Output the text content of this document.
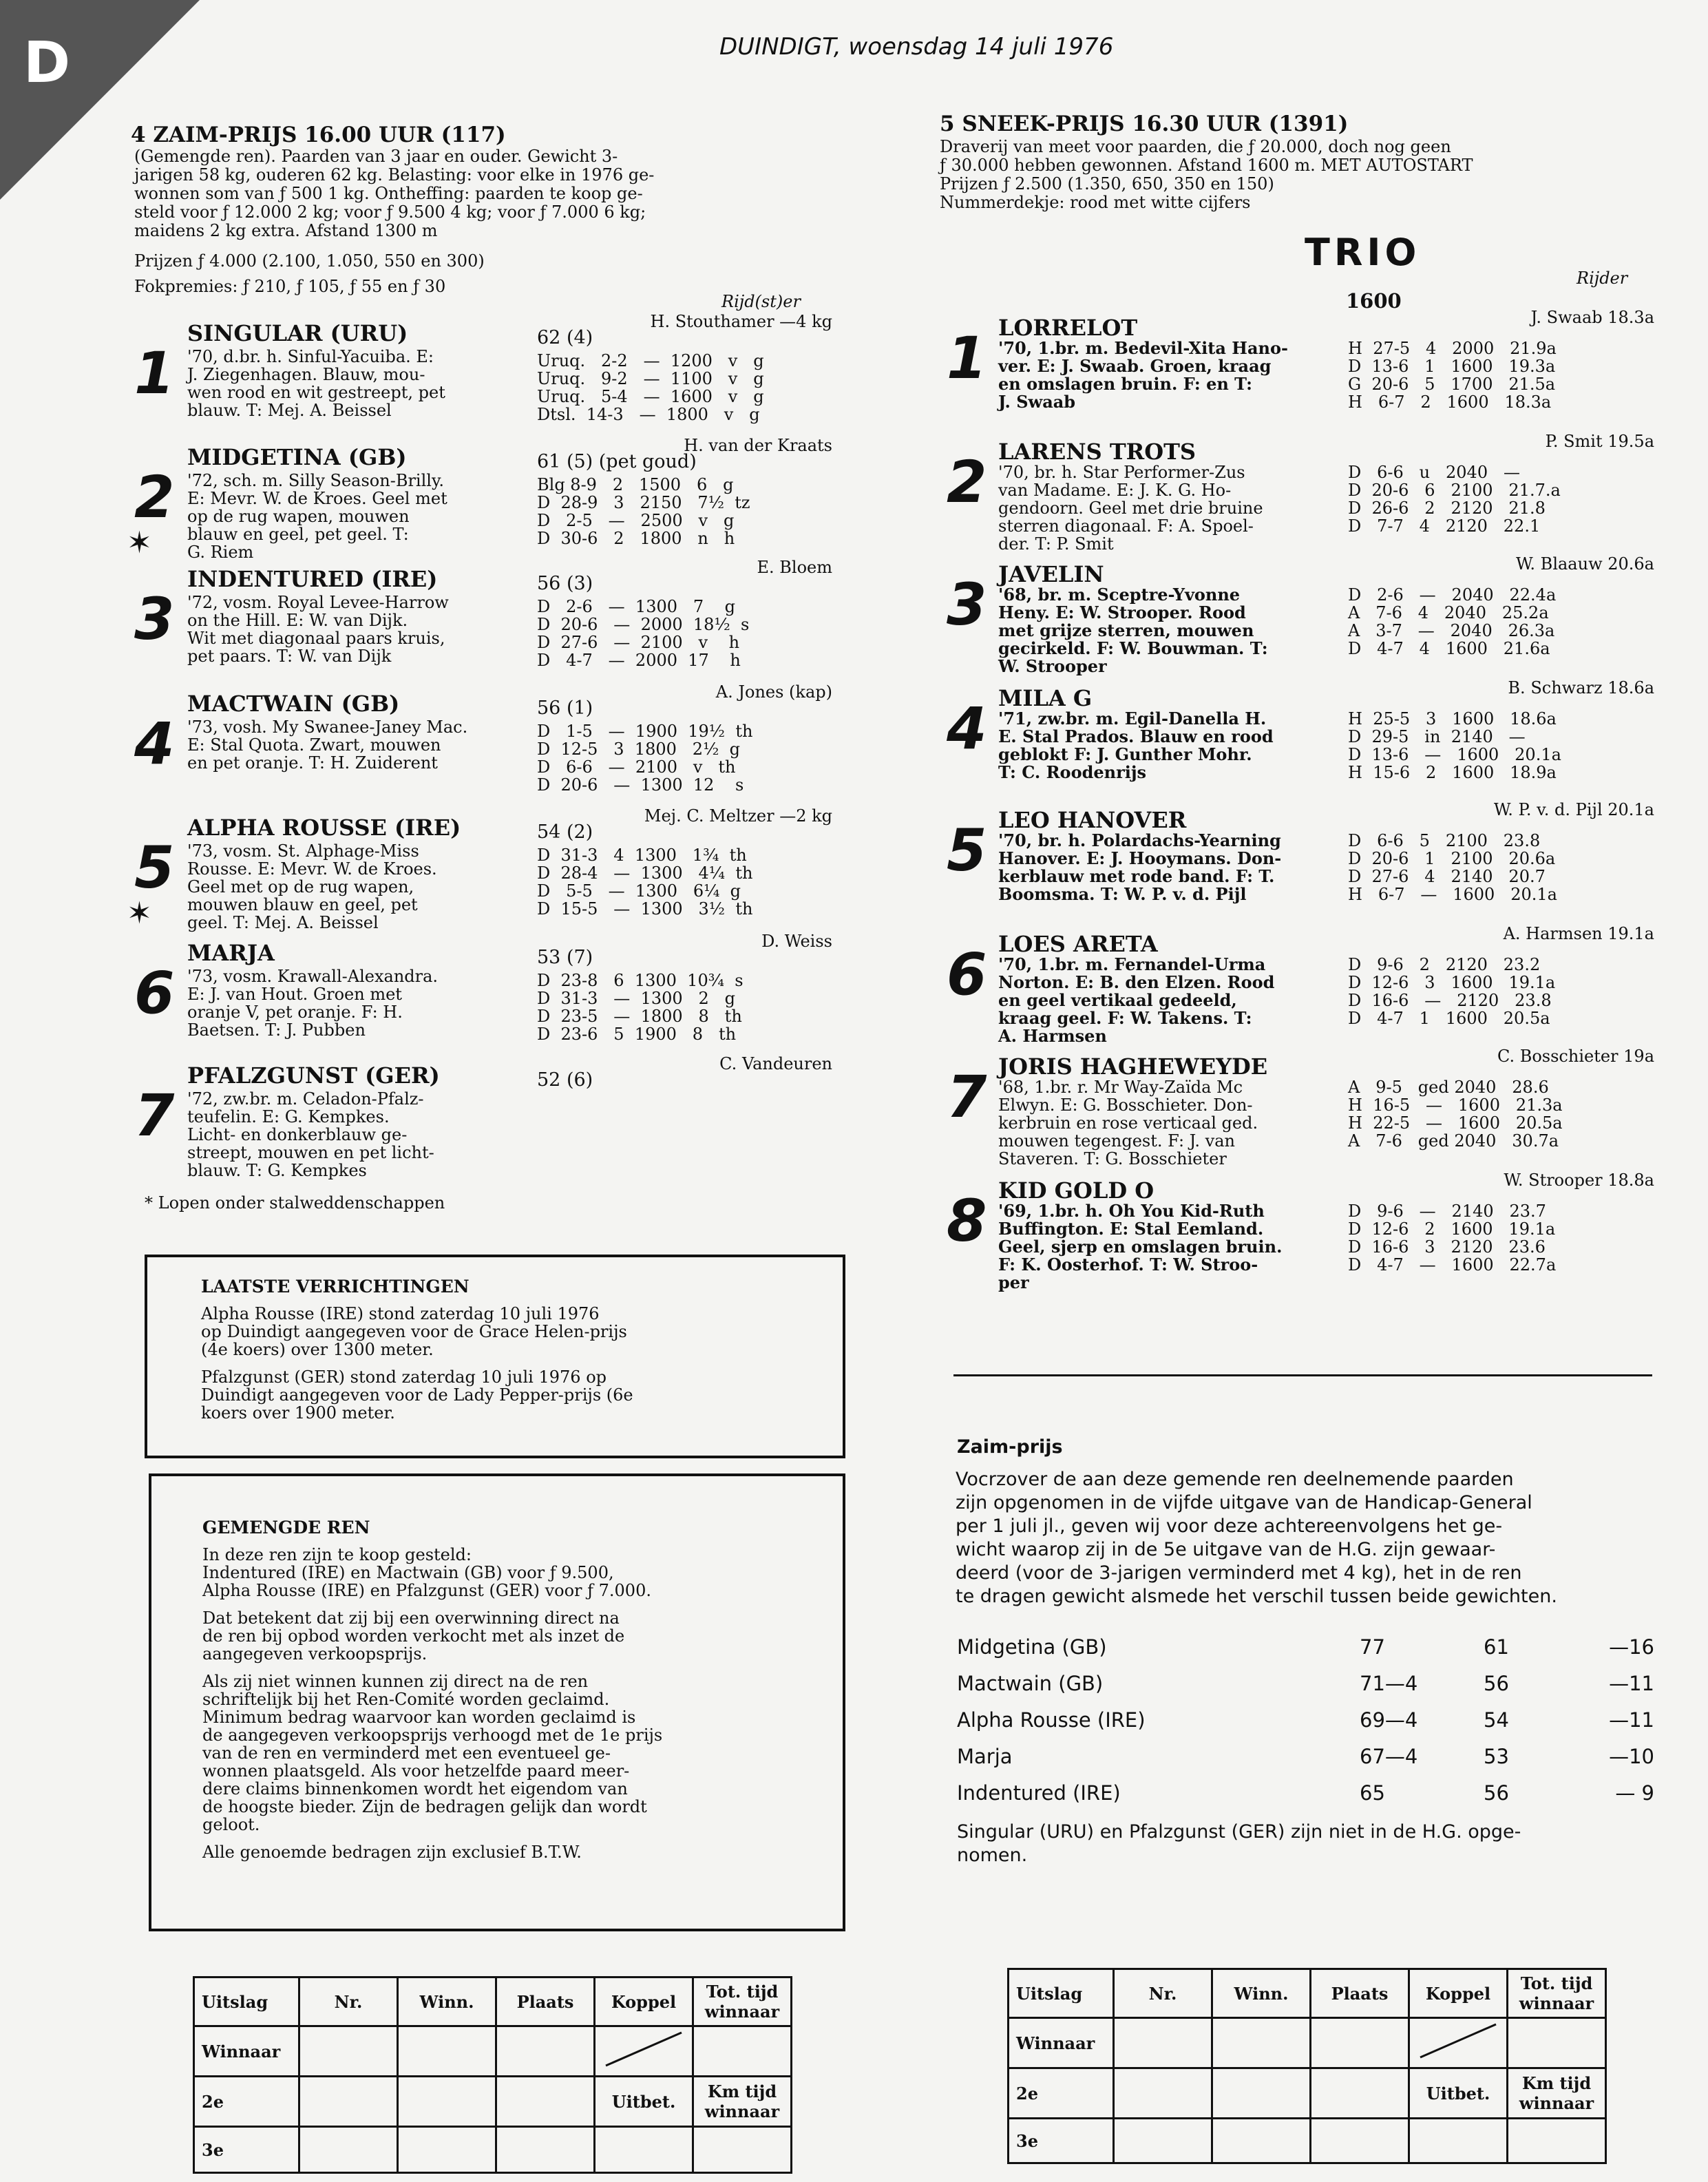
D	DUINDIGT, woensdag 14 juli 1976
4 ZAIM-PRIJS 16.00 UUR (117)
(Gemengde ren). Paarden van 3 jaar en ouder. Gewicht 3-
jarigen 58 kg, ouderen 62 kg. Belasting: voor elke in 1976 ge-
wonnen som van ƒ 500 1 kg. Ontheffing: paarden te koop ge-
steld voor ƒ 12.000 2 kg; voor ƒ 9.500 4 kg; voor ƒ 7.000 6 kg;
maidens 2 kg extra. Afstand 1300 m
Prijzen ƒ 4.000 (2.100, 1.050, 550 en 300)
Fokpremies: ƒ 210, ƒ 105, ƒ 55 en ƒ 30
Rijd(st)er
1
SINGULAR (URU)
'70, d.br. h. Sinful-Yacuiba. E:
J. Ziegenhagen. Blauw, mou-
wen rood en wit gestreept, pet
blauw. T: Mej. A. Beissel
H. Stouthamer —4 kg
62 (4)
Uruq.   2-2   —  1200   v   g
Uruq.   9-2   —  1100   v   g
Uruq.   5-4   —  1600   v   g
Dtsl.  14-3   —  1800   v   g
2
✶
MIDGETINA (GB)
'72, sch. m. Silly Season-Brilly.
E: Mevr. W. de Kroes. Geel met
op de rug wapen, mouwen
blauw en geel, pet geel. T:
G. Riem
H. van der Kraats
61 (5) (pet goud)
Blg 8-9   2   1500   6   g
D  28-9   3   2150   7½  tz
D   2-5   —   2500   v   g
D  30-6   2   1800   n   h
3
INDENTURED (IRE)
'72, vosm. Royal Levee-Harrow
on the Hill. E: W. van Dijk.
Wit met diagonaal paars kruis,
pet paars. T: W. van Dijk
E. Bloem
56 (3)
D   2-6   —  1300   7    g
D  20-6   —  2000  18½  s
D  27-6   —  2100   v    h
D   4-7   —  2000  17    h
4
MACTWAIN (GB)
'73, vosh. My Swanee-Janey Mac.
E: Stal Quota. Zwart, mouwen
en pet oranje. T: H. Zuiderent
A. Jones (kap)
56 (1)
D   1-5   —  1900  19½  th
D  12-5   3  1800   2½  g
D   6-6   —  2100   v   th
D  20-6   —  1300  12    s
5
✶
ALPHA ROUSSE (IRE)
'73, vosm. St. Alphage-Miss
Rousse. E: Mevr. W. de Kroes.
Geel met op de rug wapen,
mouwen blauw en geel, pet
geel. T: Mej. A. Beissel
Mej. C. Meltzer —2 kg
54 (2)
D  31-3   4  1300   1¾  th
D  28-4   —  1300   4¼  th
D   5-5   —  1300   6¼  g
D  15-5   —  1300   3½  th
6
MARJA
'73, vosm. Krawall-Alexandra.
E: J. van Hout. Groen met
oranje V, pet oranje. F: H.
Baetsen. T: J. Pubben
D. Weiss
53 (7)
D  23-8   6  1300  10¾  s
D  31-3   —  1300   2   g
D  23-5   —  1800   8   th
D  23-6   5  1900   8   th
7
PFALZGUNST (GER)
'72, zw.br. m. Celadon-Pfalz-
teufelin. E: G. Kempkes.
Licht- en donkerblauw ge-
streept, mouwen en pet licht-
blauw. T: G. Kempkes
C. Vandeuren
52 (6)
* Lopen onder stalweddenschappen
LAATSTE VERRICHTINGEN

Alpha Rousse (IRE) stond zaterdag 10 juli 1976
op Duindigt aangegeven voor de Grace Helen-prijs
(4e koers) over 1300 meter.

Pfalzgunst (GER) stond zaterdag 10 juli 1976 op
Duindigt aangegeven voor de Lady Pepper-prijs (6e
koers over 1900 meter.

GEMENGDE REN

In deze ren zijn te koop gesteld:
Indentured (IRE) en Mactwain (GB) voor ƒ 9.500,
Alpha Rousse (IRE) en Pfalzgunst (GER) voor ƒ 7.000.

Dat betekent dat zij bij een overwinning direct na
de ren bij opbod worden verkocht met als inzet de
aangegeven verkoopsprijs.

Als zij niet winnen kunnen zij direct na de ren
schriftelijk bij het Ren-Comité worden geclaimd.
Minimum bedrag waarvoor kan worden geclaimd is
de aangegeven verkoopsprijs verhoogd met de 1e prijs
van de ren en verminderd met een eventueel ge-
wonnen plaatsgeld. Als voor hetzelfde paard meer-
dere claims binnenkomen wordt het eigendom van
de hoogste bieder. Zijn de bedragen gelijk dan wordt
geloot.

Alle genoemde bedragen zijn exclusief B.T.W.

5 SNEEK-PRIJS 16.30 UUR (1391)
Draverij van meet voor paarden, die ƒ 20.000, doch nog geen
ƒ 30.000 hebben gewonnen. Afstand 1600 m. MET AUTOSTART
Prijzen ƒ 2.500 (1.350, 650, 350 en 150)
Nummerdekje: rood met witte cijfers
TRIO
Rijder
1600
1 LORRELOT	J. Swaab 18.3a
'70, 1.br. m. Bedevil-Xita Hano-
ver. E: J. Swaab. Groen, kraag
en omslagen bruin. F: en T:
J. Swaab
H  27-5   4   2000   21.9a
D  13-6   1   1600   19.3a
G  20-6   5   1700   21.5a
H   6-7   2   1600   18.3a
2 LARENS TROTS	P. Smit 19.5a
'70, br. h. Star Performer-Zus
van Madame. E: J. K. G. Ho-
gendoorn. Geel met drie bruine
sterren diagonaal. F: A. Spoel-
der. T: P. Smit
D   6-6   u   2040   —
D  20-6   6   2100   21.7.a
D  26-6   2   2120   21.8
D   7-7   4   2120   22.1
3 JAVELIN	W. Blaauw 20.6a
'68, br. m. Sceptre-Yvonne
Heny. E: W. Strooper. Rood
met grijze sterren, mouwen
gecirkeld. F: W. Bouwman. T:
W. Strooper
D   2-6   —   2040   22.4a
A   7-6   4   2040   25.2a
A   3-7   —   2040   26.3a
D   4-7   4   1600   21.6a
4 MILA G	B. Schwarz 18.6a
'71, zw.br. m. Egil-Danella H.
E. Stal Prados. Blauw en rood
geblokt F: J. Gunther Mohr.
T: C. Roodenrijs
H  25-5   3   1600   18.6a
D  29-5   in  2140   —
D  13-6   —   1600   20.1a
H  15-6   2   1600   18.9a
5 LEO HANOVER	W. P. v. d. Pijl 20.1a
'70, br. h. Polardachs-Yearning
Hanover. E: J. Hooymans. Don-
kerblauw met rode band. F: T.
Boomsma. T: W. P. v. d. Pijl
D   6-6   5   2100   23.8
D  20-6   1   2100   20.6a
D  27-6   4   2140   20.7
H   6-7   —   1600   20.1a
6 LOES ARETA	A. Harmsen 19.1a
'70, 1.br. m. Fernandel-Urma
Norton. E: B. den Elzen. Rood
en geel vertikaal gedeeld,
kraag geel. F: W. Takens. T:
A. Harmsen
D   9-6   2   2120   23.2
D  12-6   3   1600   19.1a
D  16-6   —   2120   23.8
D   4-7   1   1600   20.5a
7 JORIS HAGHEWEYDE	C. Bosschieter 19a
'68, 1.br. r. Mr Way-Zaïda Mc
Elwyn. E: G. Bosschieter. Don-
kerbruin en rose verticaal ged.
mouwen tegengest. F: J. van
Staveren. T: G. Bosschieter
A   9-5   ged 2040   28.6
H  16-5   —   1600   21.3a
H  22-5   —   1600   20.5a
A   7-6   ged 2040   30.7a
8 KID GOLD O	W. Strooper 18.8a
'69, 1.br. h. Oh You Kid-Ruth
Buffington. E: Stal Eemland.
Geel, sjerp en omslagen bruin.
F: K. Oosterhof. T: W. Stroo-
per
D   9-6   —   2140   23.7
D  12-6   2   1600   19.1a
D  16-6   3   2120   23.6
D   4-7   —   1600   22.7a
Zaim-prijs
Vocrzover de aan deze gemende ren deelnemende paarden
zijn opgenomen in de vijfde uitgave van de Handicap-General
per 1 juli jl., geven wij voor deze achtereenvolgens het ge-
wicht waarop zij in de 5e uitgave van de H.G. zijn gewaar-
deerd (voor de 3-jarigen verminderd met 4 kg), het in de ren
te dragen gewicht alsmede het verschil tussen beide gewichten.
Midgetina (GB)	77	61	—16
Mactwain (GB)	71—4	56	—11
Alpha Rousse (IRE)	69—4	54	—11
Marja	67—4	53	—10
Indentured (IRE)	65	56	— 9
Singular (URU) en Pfalzgunst (GER) zijn niet in de H.G. opge-
nomen.
Uitslag	Nr.	Winn.	Plaats	Koppel	Tot. tijd winnaar
Winnaar					
2e				Uitbet.	Km tijd winnaar
3e					
Uitslag	Nr.	Winn.	Plaats	Koppel	Tot. tijd winnaar
Winnaar					
2e				Uitbet.	Km tijd winnaar
3e					
